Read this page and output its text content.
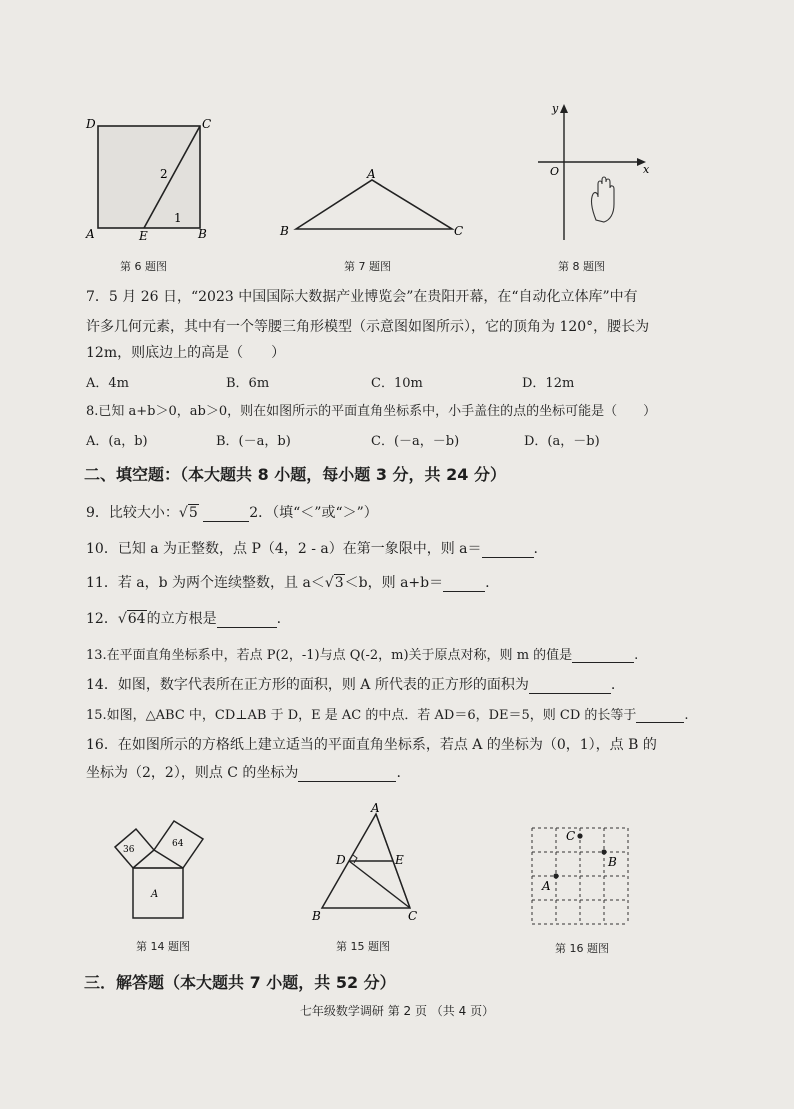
D	C
A	E	B
2
1
第 6 题图
A
B	C
第 7 题图
y
x
O
第 8 题图
7．5 月 26 日，“2023 中国国际大数据产业博览会”在贵阳开幕，在“自动化立体库”中有
许多几何元素，其中有一个等腰三角形模型（示意图如图所示），它的顶角为 120°，腰长为
12m，则底边上的高是（　　）
A．4m	B．6m	C．10m	D．12m
8.已知 a+b＞0，ab＞0，则在如图所示的平面直角坐标系中，小手盖住的点的坐标可能是（　　）
A．(a，b)	B．(－a，b)	C．(－a，－b)	D．(a，－b)
二、填空题：（本大题共 8 小题，每小题 3 分，共 24 分）
9．比较大小：√5	2．（填“＜”或“＞”）
10．已知 a 为正整数，点 P（4，2 - a）在第一象限中，则 a＝	.
11．若 a，b 为两个连续整数，且 a＜√3＜b，则 a+b＝	.
12．√64的立方根是	.
13.在平面直角坐标系中，若点 P(2，-1)与点 Q(-2，m)关于原点对称，则 m 的值是	.
14．如图，数字代表所在正方形的面积，则 A 所代表的正方形的面积为	.
15.如图，△ABC 中，CD⊥AB 于 D，E 是 AC 的中点．若 AD＝6，DE＝5，则 CD 的长等于	.
16．在如图所示的方格纸上建立适当的平面直角坐标系，若点 A 的坐标为（0，1），点 B 的
坐标为（2，2），则点 C 的坐标为	.
36
64
A
第 14 题图
A
D	E
B	C
第 15 题图
C
B
A
第 16 题图
三．解答题（本大题共 7 小题，共 52 分）
七年级数学调研 第 2 页 （共 4 页）
